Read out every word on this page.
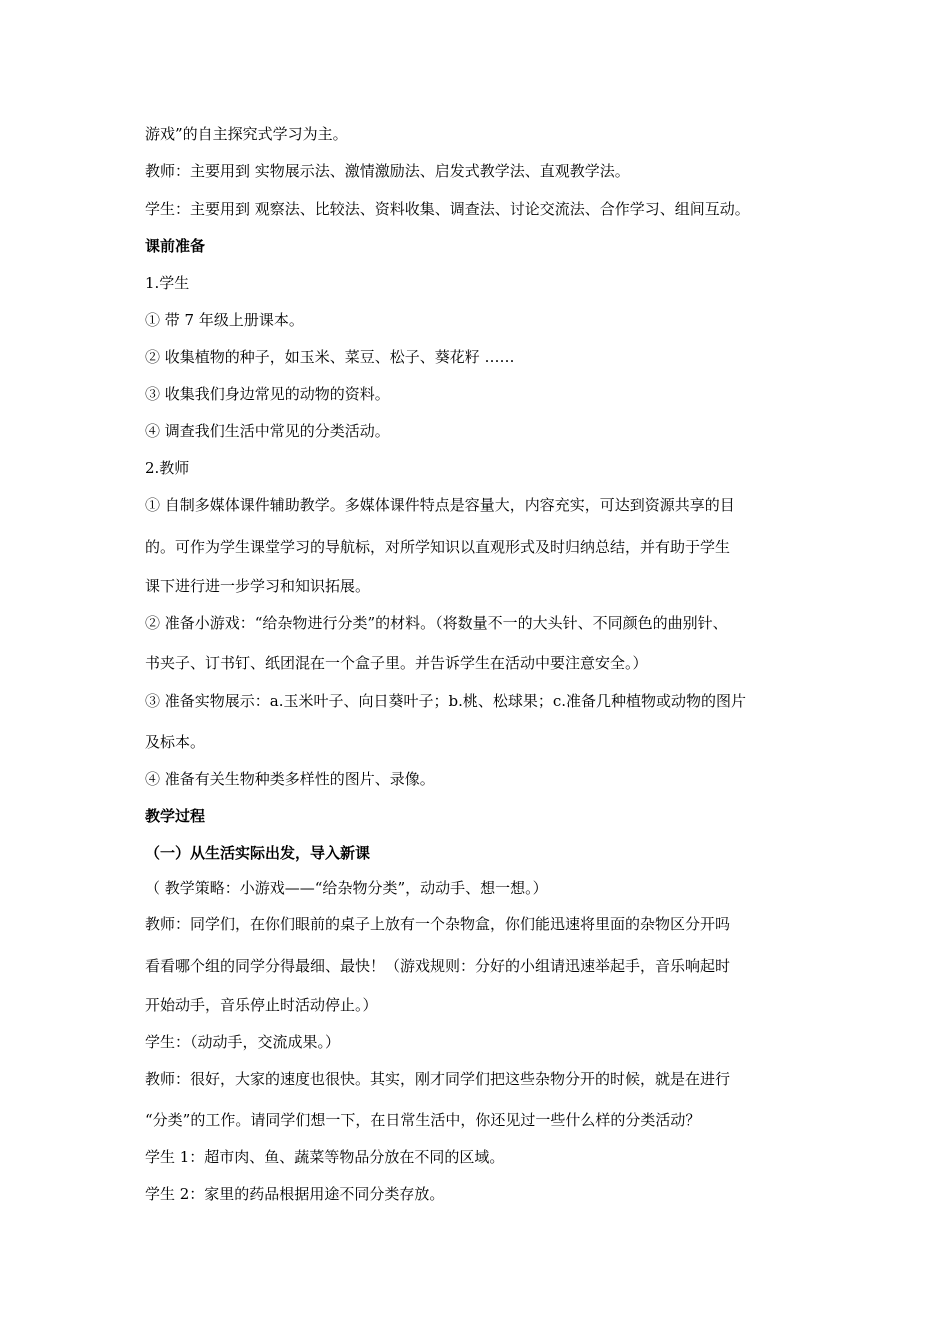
游戏”的自主探究式学习为主。
教师：主要用到 实物展示法、激情激励法、启发式教学法、直观教学法。
学生：主要用到 观察法、比较法、资料收集、调查法、讨论交流法、合作学习、组间互动。
课前准备
1.学生
① 带 7 年级上册课本。
② 收集植物的种子，如玉米、菜豆、松子、葵花籽 ……
③ 收集我们身边常见的动物的资料。
④ 调查我们生活中常见的分类活动。
2.教师
① 自制多媒体课件辅助教学。多媒体课件特点是容量大，内容充实，可达到资源共享的目
的。可作为学生课堂学习的导航标，对所学知识以直观形式及时归纳总结，并有助于学生
课下进行进一步学习和知识拓展。
② 准备小游戏：“给杂物进行分类”的材料。（将数量不一的大头针、不同颜色的曲别针、
书夹子、订书钉、纸团混在一个盒子里。并告诉学生在活动中要注意安全。）
③ 准备实物展示：a.玉米叶子、向日葵叶子；b.桃、松球果；c.准备几种植物或动物的图片
及标本。
④ 准备有关生物种类多样性的图片、录像。
教学过程
（一）从生活实际出发，导入新课
（ 教学策略：小游戏——“给杂物分类”，动动手、想一想。）
教师：同学们，在你们眼前的桌子上放有一个杂物盒，你们能迅速将里面的杂物区分开吗
看看哪个组的同学分得最细、最快！（游戏规则：分好的小组请迅速举起手，音乐响起时
开始动手，音乐停止时活动停止。）
学生：（动动手，交流成果。）
教师：很好，大家的速度也很快。其实，刚才同学们把这些杂物分开的时候，就是在进行
“分类”的工作。请同学们想一下，在日常生活中，你还见过一些什么样的分类活动？
学生 1：超市肉、鱼、蔬菜等物品分放在不同的区域。
学生 2：家里的药品根据用途不同分类存放。
